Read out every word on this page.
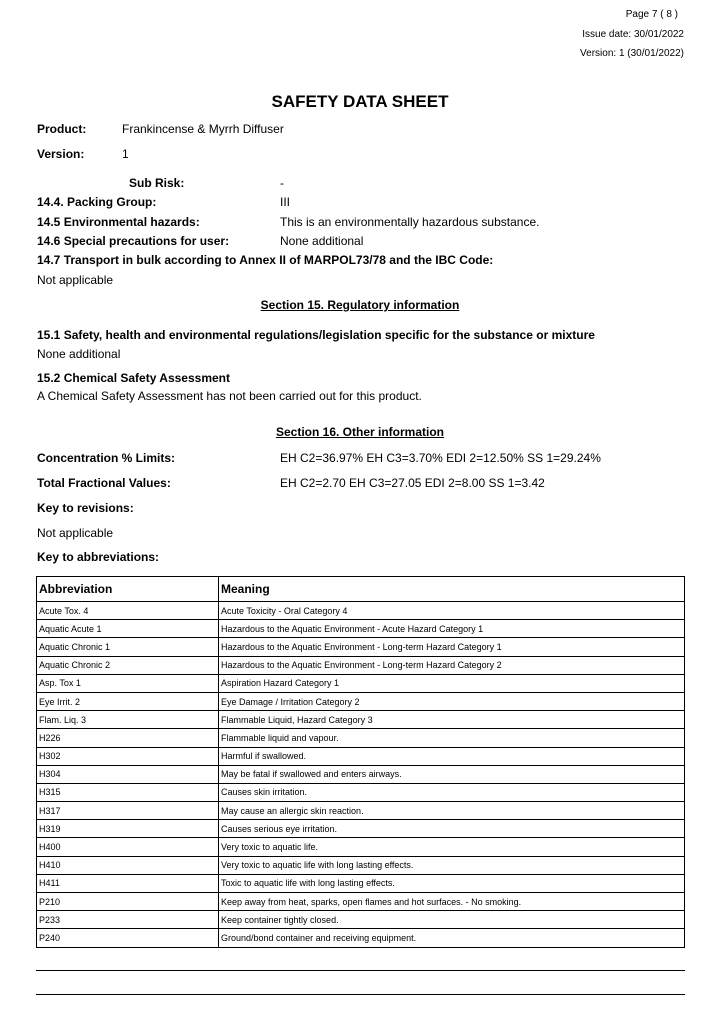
Page 7 ( 8 )
Issue date: 30/01/2022
Version: 1 (30/01/2022)
SAFETY DATA SHEET
Product:	Frankincense & Myrrh Diffuser
Version:	1
Sub Risk:	-
14.4. Packing Group:	III
14.5 Environmental hazards:	This is an environmentally hazardous substance.
14.6 Special precautions for user:	None additional
14.7 Transport in bulk according to Annex II of MARPOL73/78 and the IBC Code:
Not applicable
Section 15. Regulatory information
15.1 Safety, health and environmental regulations/legislation specific for the substance or mixture
None additional
15.2 Chemical Safety Assessment
A Chemical Safety Assessment has not been carried out for this product.
Section 16. Other information
Concentration % Limits:	EH C2=36.97% EH C3=3.70% EDI 2=12.50% SS 1=29.24%
Total Fractional Values:	EH C2=2.70 EH C3=27.05 EDI 2=8.00 SS 1=3.42
Key to revisions:
Not applicable
Key to abbreviations:
Abbreviation	Meaning
Acute Tox. 4	Acute Toxicity - Oral Category 4
Aquatic Acute 1	Hazardous to the Aquatic Environment - Acute Hazard Category 1
Aquatic Chronic 1	Hazardous to the Aquatic Environment - Long-term Hazard Category 1
Aquatic Chronic 2	Hazardous to the Aquatic Environment - Long-term Hazard Category 2
Asp. Tox 1	Aspiration Hazard Category 1
Eye Irrit. 2	Eye Damage / Irritation Category 2
Flam. Liq. 3	Flammable Liquid, Hazard Category 3
H226	Flammable liquid and vapour.
H302	Harmful if swallowed.
H304	May be fatal if swallowed and enters airways.
H315	Causes skin irritation.
H317	May cause an allergic skin reaction.
H319	Causes serious eye irritation.
H400	Very toxic to aquatic life.
H410	Very toxic to aquatic life with long lasting effects.
H411	Toxic to aquatic life with long lasting effects.
P210	Keep away from heat, sparks, open flames and hot surfaces. - No smoking.
P233	Keep container tightly closed.
P240	Ground/bond container and receiving equipment.
